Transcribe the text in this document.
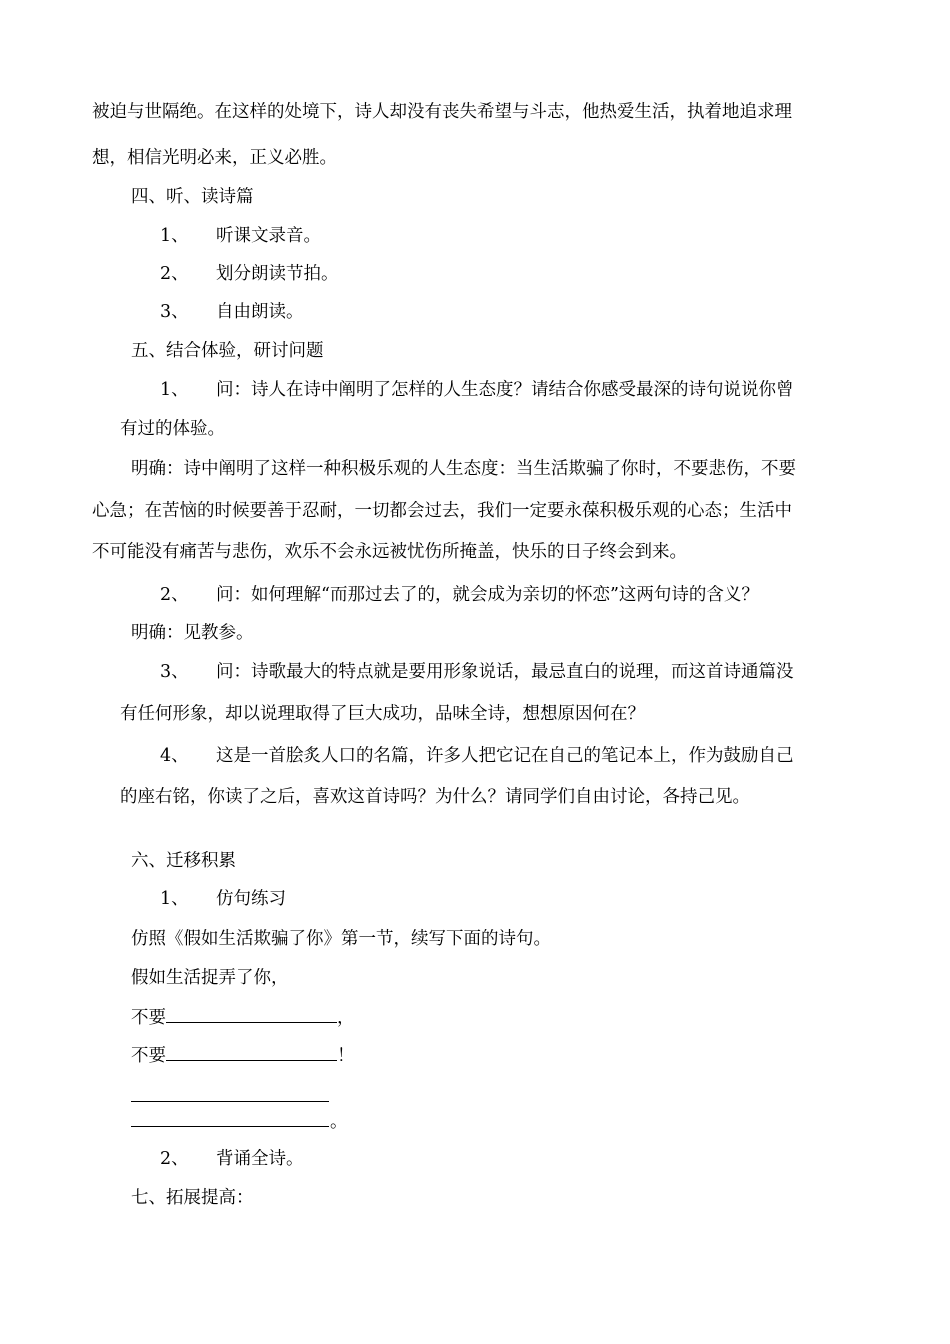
被迫与世隔绝。在这样的处境下，诗人却没有丧失希望与斗志，他热爱生活，执着地追求理
想，相信光明必来，正义必胜。
四、听、读诗篇
1、 听课文录音。
2、 划分朗读节拍。
3、 自由朗读。
五、结合体验，研讨问题
1、 问：诗人在诗中阐明了怎样的人生态度？请结合你感受最深的诗句说说你曾
有过的体验。
明确：诗中阐明了这样一种积极乐观的人生态度：当生活欺骗了你时，不要悲伤，不要
心急；在苦恼的时候要善于忍耐，一切都会过去，我们一定要永葆积极乐观的心态；生活中
不可能没有痛苦与悲伤，欢乐不会永远被忧伤所掩盖，快乐的日子终会到来。
2、 问：如何理解“而那过去了的，就会成为亲切的怀恋”这两句诗的含义？
明确：见教参。
3、 问：诗歌最大的特点就是要用形象说话，最忌直白的说理，而这首诗通篇没
有任何形象，却以说理取得了巨大成功，品味全诗，想想原因何在？
4、 这是一首脍炙人口的名篇，许多人把它记在自己的笔记本上，作为鼓励自己
的座右铭，你读了之后，喜欢这首诗吗？为什么？请同学们自由讨论，各持己见。
六、迁移积累
1、 仿句练习
仿照《假如生活欺骗了你》第一节，续写下面的诗句。
假如生活捉弄了你，
不要	，
不要	！
。
2、 背诵全诗。
七、拓展提高：
